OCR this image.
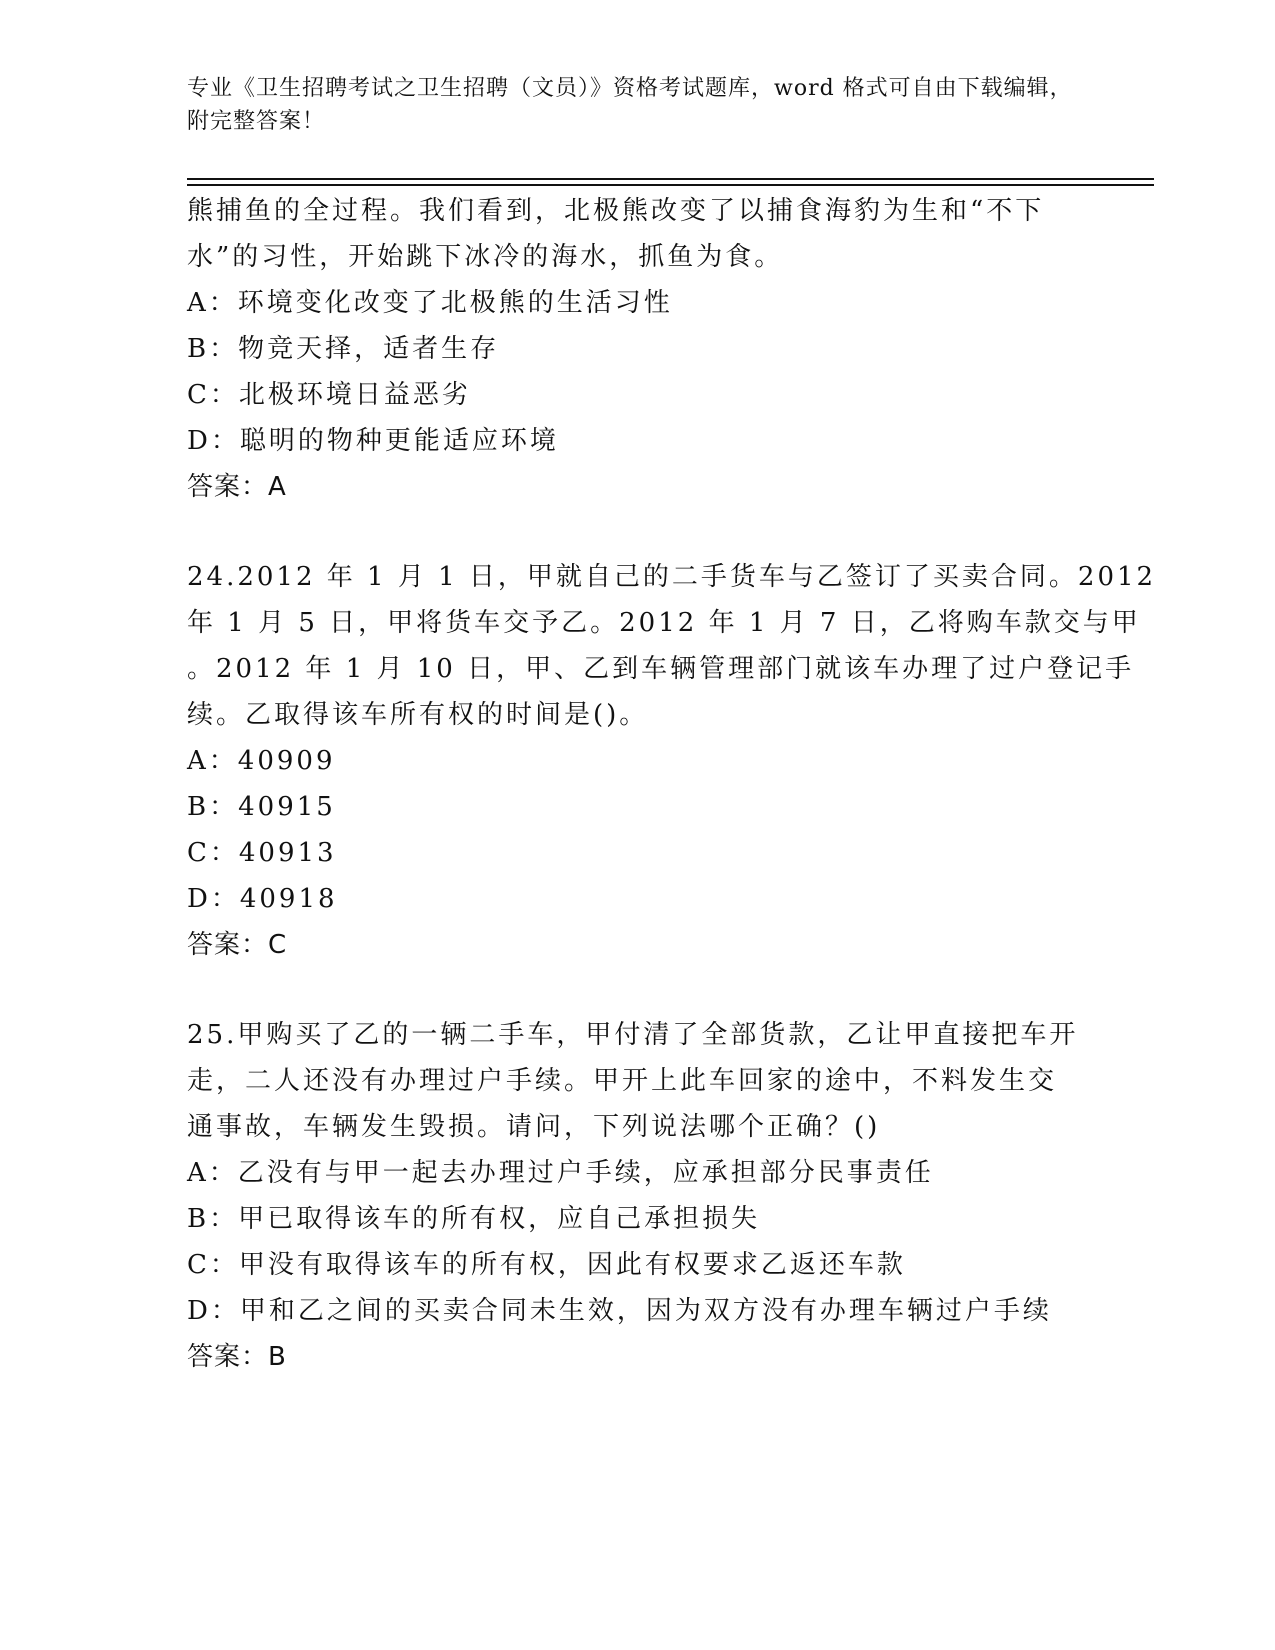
专业《卫生招聘考试之卫生招聘（文员）》资格考试题库，word 格式可自由下载编辑，附完整答案！
熊捕鱼的全过程。我们看到，北极熊改变了以捕食海豹为生和“不下
水”的习性，开始跳下冰冷的海水，抓鱼为食。
A：环境变化改变了北极熊的生活习性
B：物竞天择，适者生存
C：北极环境日益恶劣
D：聪明的物种更能适应环境
答案：A
24.2012 年 1 月 1 日，甲就自己的二手货车与乙签订了买卖合同。2012
年 1 月 5 日，甲将货车交予乙。2012 年 1 月 7 日，乙将购车款交与甲
。2012 年 1 月 10 日，甲、乙到车辆管理部门就该车办理了过户登记手
续。乙取得该车所有权的时间是()。
A：40909
B：40915
C：40913
D：40918
答案：C
25.甲购买了乙的一辆二手车，甲付清了全部货款，乙让甲直接把车开
走，二人还没有办理过户手续。甲开上此车回家的途中，不料发生交
通事故，车辆发生毁损。请问，下列说法哪个正确？()
A：乙没有与甲一起去办理过户手续，应承担部分民事责任
B：甲已取得该车的所有权，应自己承担损失
C：甲没有取得该车的所有权，因此有权要求乙返还车款
D：甲和乙之间的买卖合同未生效，因为双方没有办理车辆过户手续
答案：B
